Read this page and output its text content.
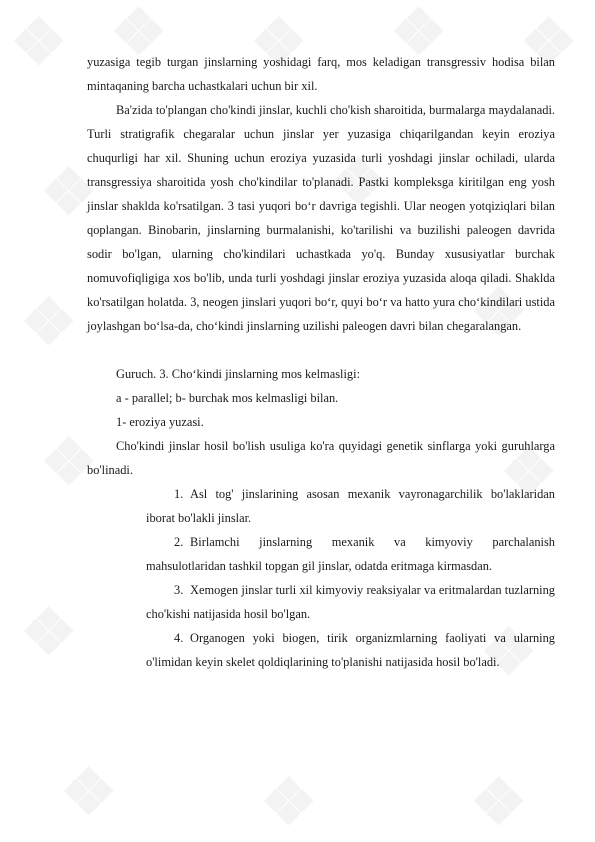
❖ ❖ ❖ ❖ ❖
❖	❖
❖	❖
❖	❖
❖	❖
❖ ❖ ❖

yuzasiga tegib turgan jinslarning yoshidagi farq, mos keladigan transgressiv hodisa bilan mintaqaning barcha uchastkalari uchun bir xil.

Ba'zida to'plangan cho'kindi jinslar, kuchli cho'kish sharoitida, burmalarga maydalanadi. Turli stratigrafik chegaralar uchun jinslar yer yuzasiga chiqarilgandan keyin eroziya chuqurligi har xil. Shuning uchun eroziya yuzasida turli yoshdagi jinslar ochiladi, ularda transgressiya sharoitida yosh cho'kindilar to'planadi. Pastki kompleksga kiritilgan eng yosh jinslar shaklda ko'rsatilgan. 3 tasi yuqori boʻr davriga tegishli. Ular neogen yotqiziqlari bilan qoplangan. Binobarin, jinslarning burmalanishi, ko'tarilishi va buzilishi paleogen davrida sodir bo'lgan, ularning cho'kindilari uchastkada yo'q. Bunday xususiyatlar burchak nomuvofiqligiga xos bo'lib, unda turli yoshdagi jinslar eroziya yuzasida aloqa qiladi. Shaklda ko'rsatilgan holatda. 3, neogen jinslari yuqori boʻr, quyi boʻr va hatto yura choʻkindilari ustida joylashgan boʻlsa-da, choʻkindi jinslarning uzilishi paleogen davri bilan chegaralangan.

Guruch. 3. Cho‘kindi jinslarning mos kelmasligi:

a - parallel; b- burchak mos kelmasligi bilan.

1- eroziya yuzasi.

Cho'kindi jinslar hosil bo'lish usuliga ko'ra quyidagi genetik sinflarga yoki guruhlarga bo'linadi.

1. Asl tog' jinslarining asosan mexanik vayronagarchilik bo'laklaridan iborat bo'lakli jinslar.
2. Birlamchi jinslarning mexanik va kimyoviy parchalanish mahsulotlaridan tashkil topgan gil jinslar, odatda eritmaga kirmasdan.
3. Xemogen jinslar turli xil kimyoviy reaksiyalar va eritmalardan tuzlarning cho'kishi natijasida hosil bo'lgan.
4. Organogen yoki biogen, tirik organizmlarning faoliyati va ularning o'limidan keyin skelet qoldiqlarining to'planishi natijasida hosil bo'ladi.
